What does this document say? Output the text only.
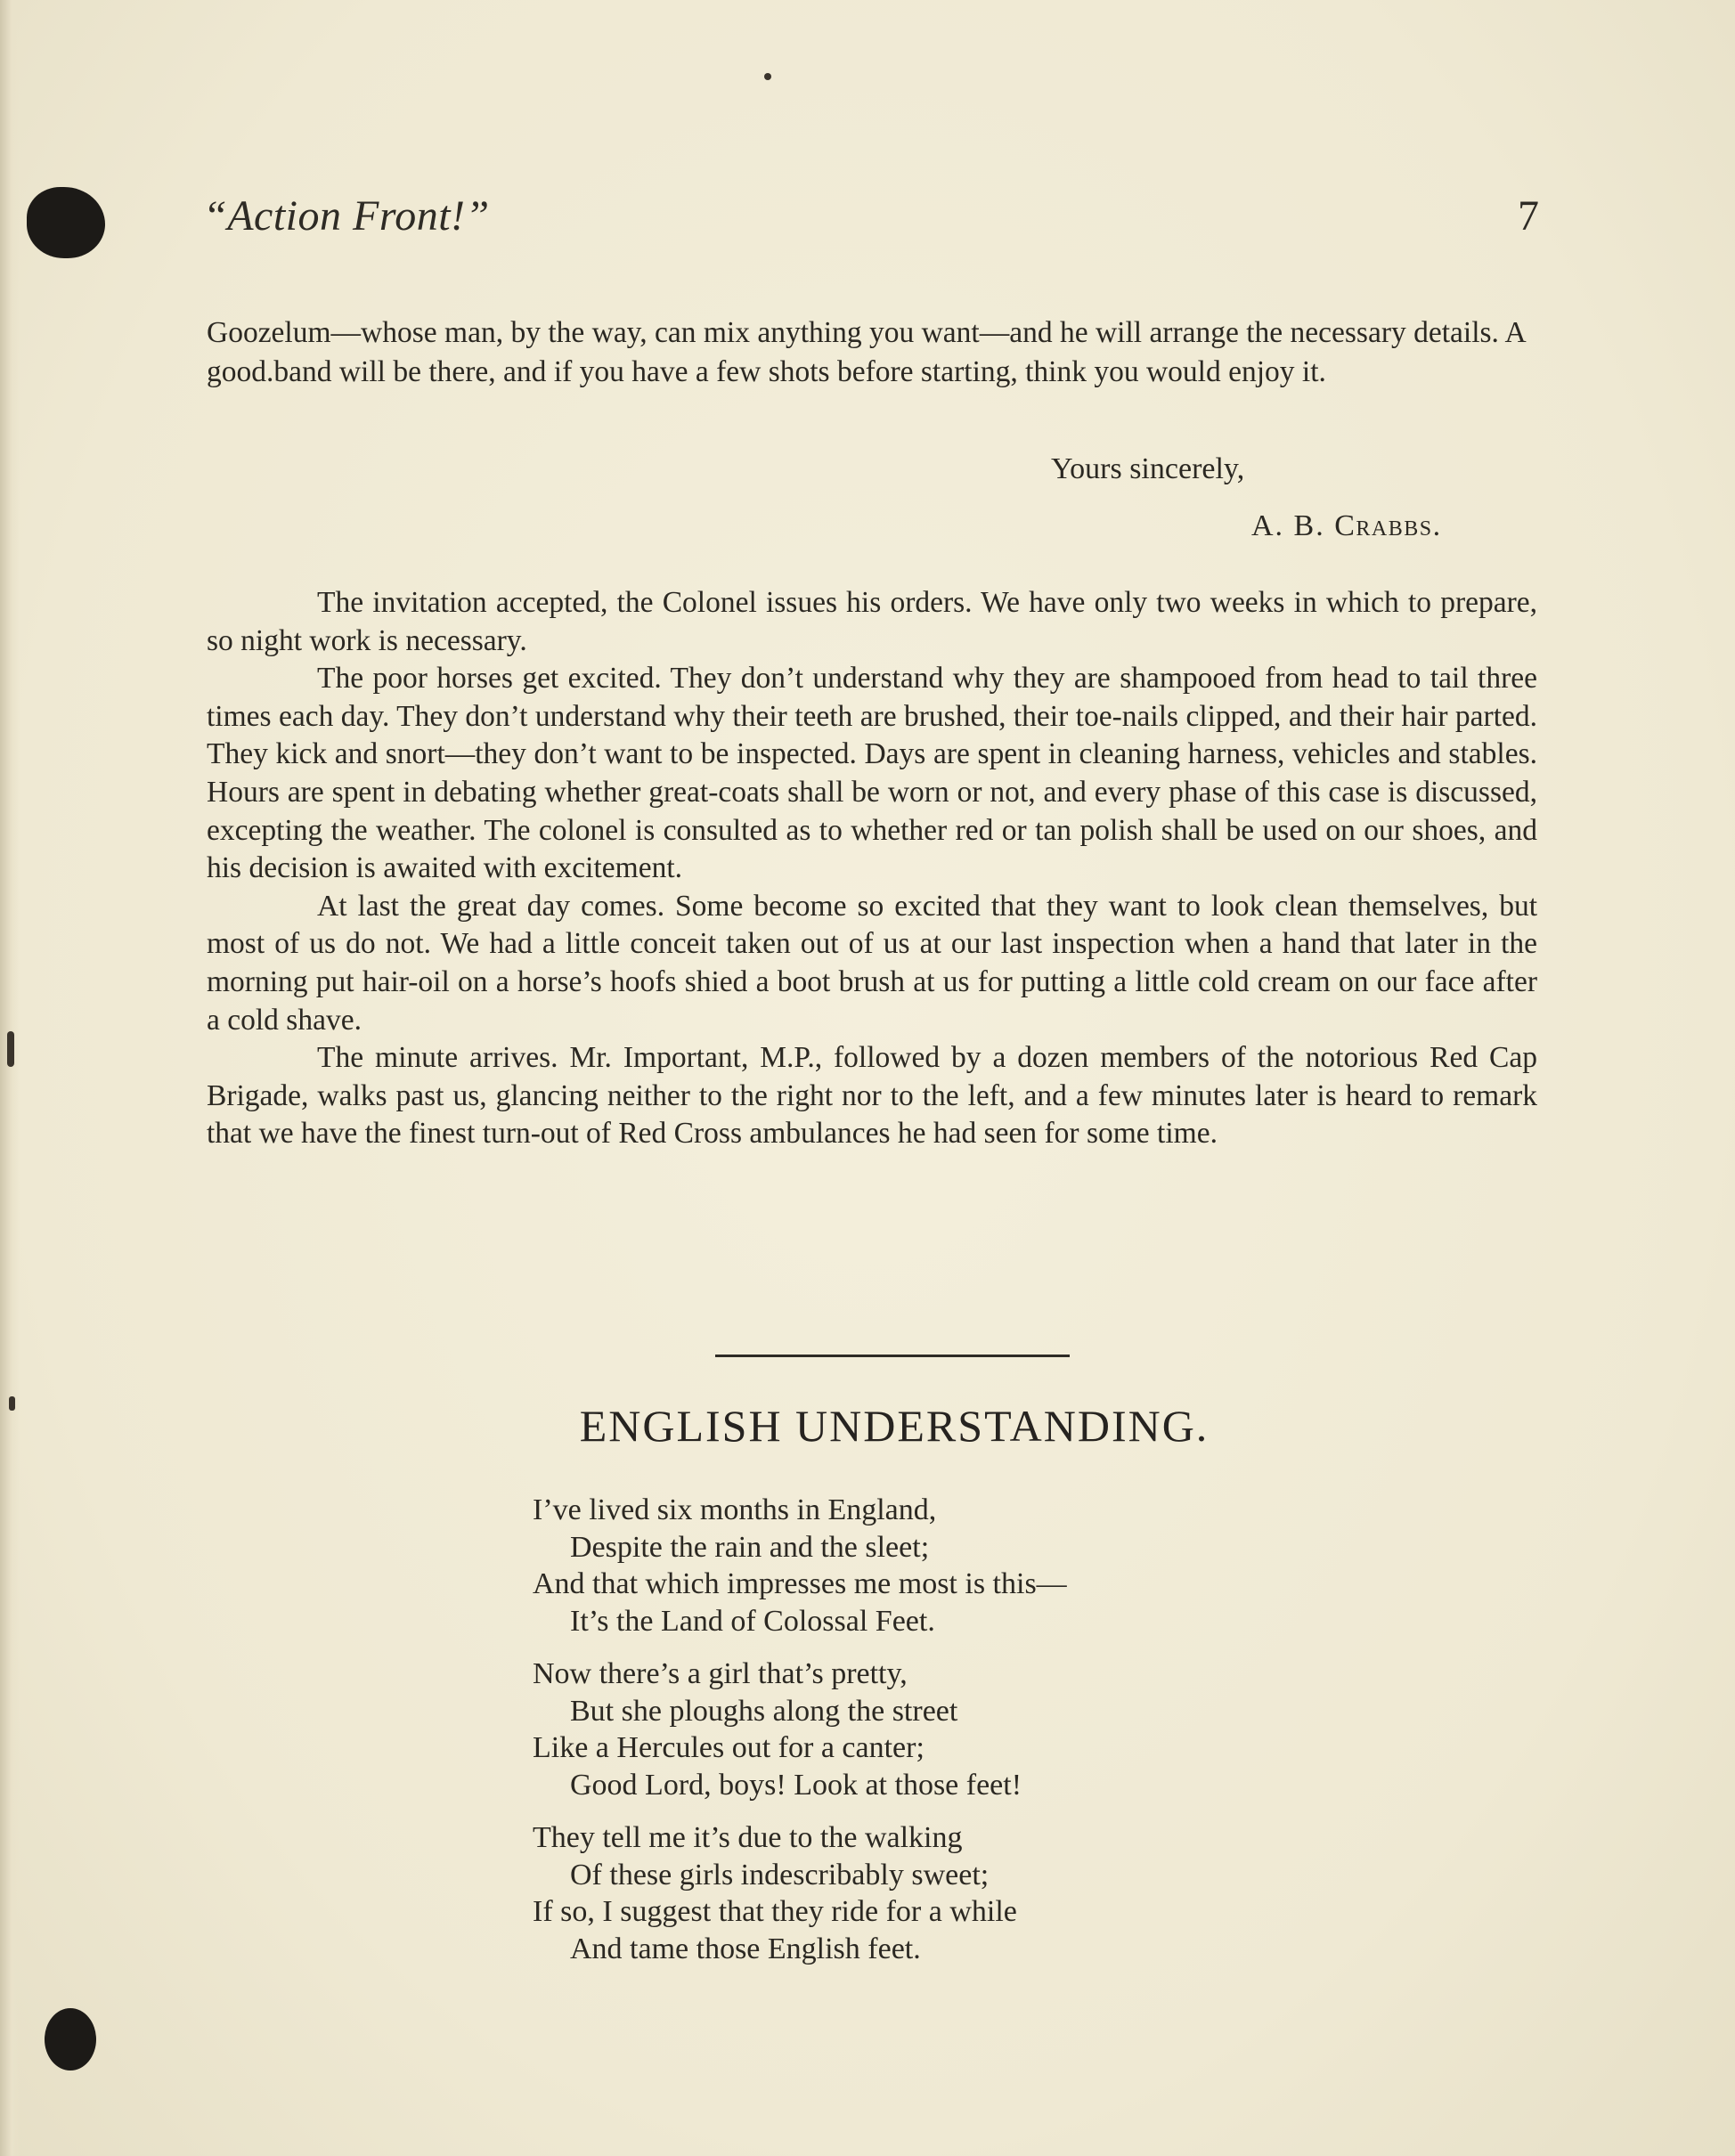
“Action Front!”	7

Goozelum—whose man, by the way, can mix anything you want—and he will arrange the necessary details. A good.band will be there, and if you have a few shots before starting, think you would enjoy it.

Yours sincerely,
A. B. Crabbs.

The invitation accepted, the Colonel issues his orders. We have only two weeks in which to prepare, so night work is necessary.

The poor horses get excited. They don’t understand why they are shampooed from head to tail three times each day. They don’t understand why their teeth are brushed, their toe-nails clipped, and their hair parted. They kick and snort—they don’t want to be inspected. Days are spent in cleaning harness, vehicles and stables. Hours are spent in debating whether great-coats shall be worn or not, and every phase of this case is discussed, excepting the weather. The colonel is consulted as to whether red or tan polish shall be used on our shoes, and his decision is awaited with excitement.

At last the great day comes. Some become so excited that they want to look clean themselves, but most of us do not. We had a little conceit taken out of us at our last inspection when a hand that later in the morning put hair-oil on a horse’s hoofs shied a boot brush at us for putting a little cold cream on our face after a cold shave.

The minute arrives. Mr. Important, M.P., followed by a dozen members of the notorious Red Cap Brigade, walks past us, glancing neither to the right nor to the left, and a few minutes later is heard to remark that we have the finest turn-out of Red Cross ambulances he had seen for some time.

ENGLISH UNDERSTANDING.
I’ve lived six months in England,
Despite the rain and the sleet;
And that which impresses me most is this—
It’s the Land of Colossal Feet.
Now there’s a girl that’s pretty,
But she ploughs along the street
Like a Hercules out for a canter;
Good Lord, boys! Look at those feet!
They tell me it’s due to the walking
Of these girls indescribably sweet;
If so, I suggest that they ride for a while
And tame those English feet.
